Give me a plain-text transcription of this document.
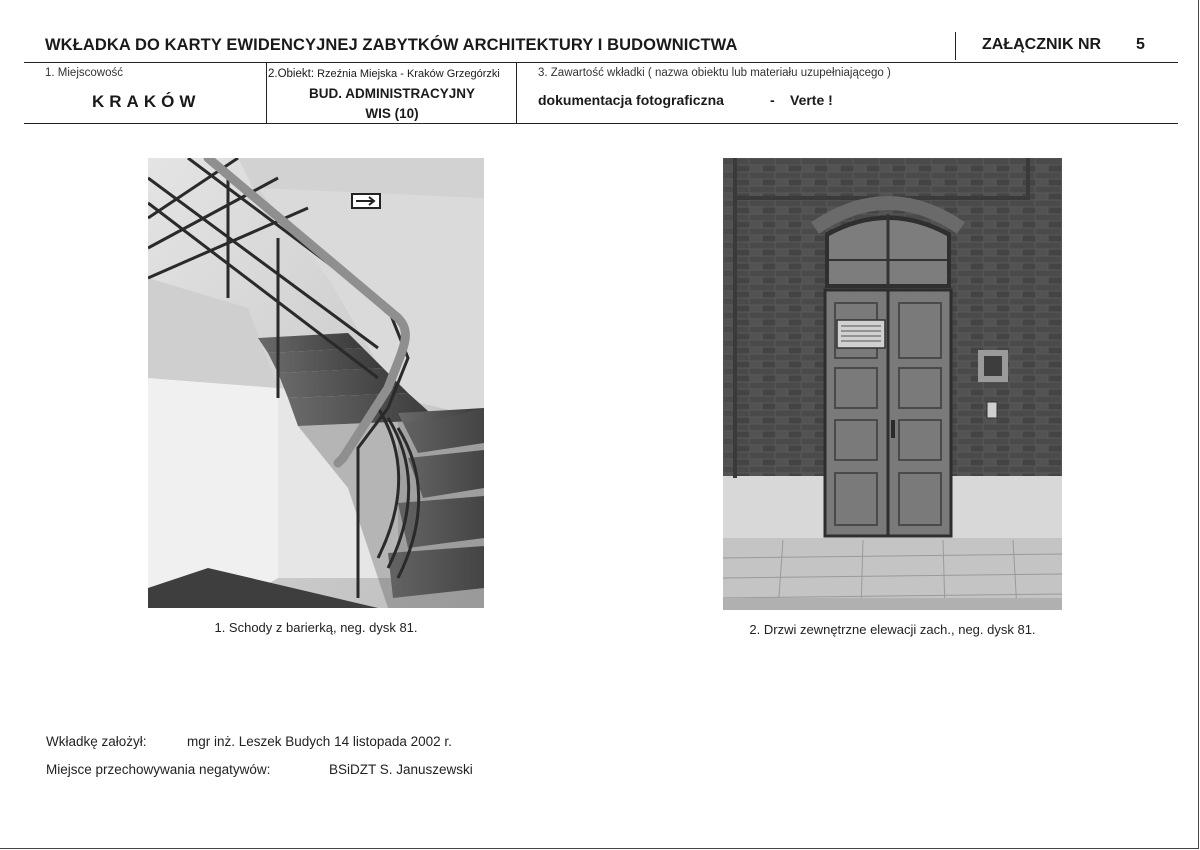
WKŁADKA DO KARTY EWIDENCYJNEJ ZABYTKÓW ARCHITEKTURY I BUDOWNICTWA	ZAŁĄCZNIK NR 5
1. Miejscowość
KRAKÓW
2.Obiekt: Rzeźnia Miejska - Kraków Grzegórzki
BUD. ADMINISTRACYJNY
WIS (10)
3. Zawartość wkładki ( nazwa obiektu lub materiału uzupełniającego )
dokumentacja fotograficzna	- Verte !
1. Schody z barierką, neg. dysk 81.	2. Drzwi zewnętrzne elewacji zach., neg. dysk 81.
Wkładkę założył:	mgr inż. Leszek Budych 14 listopada 2002 r.
Miejsce przechowywania negatywów:	BSiDZT S. Januszewski
